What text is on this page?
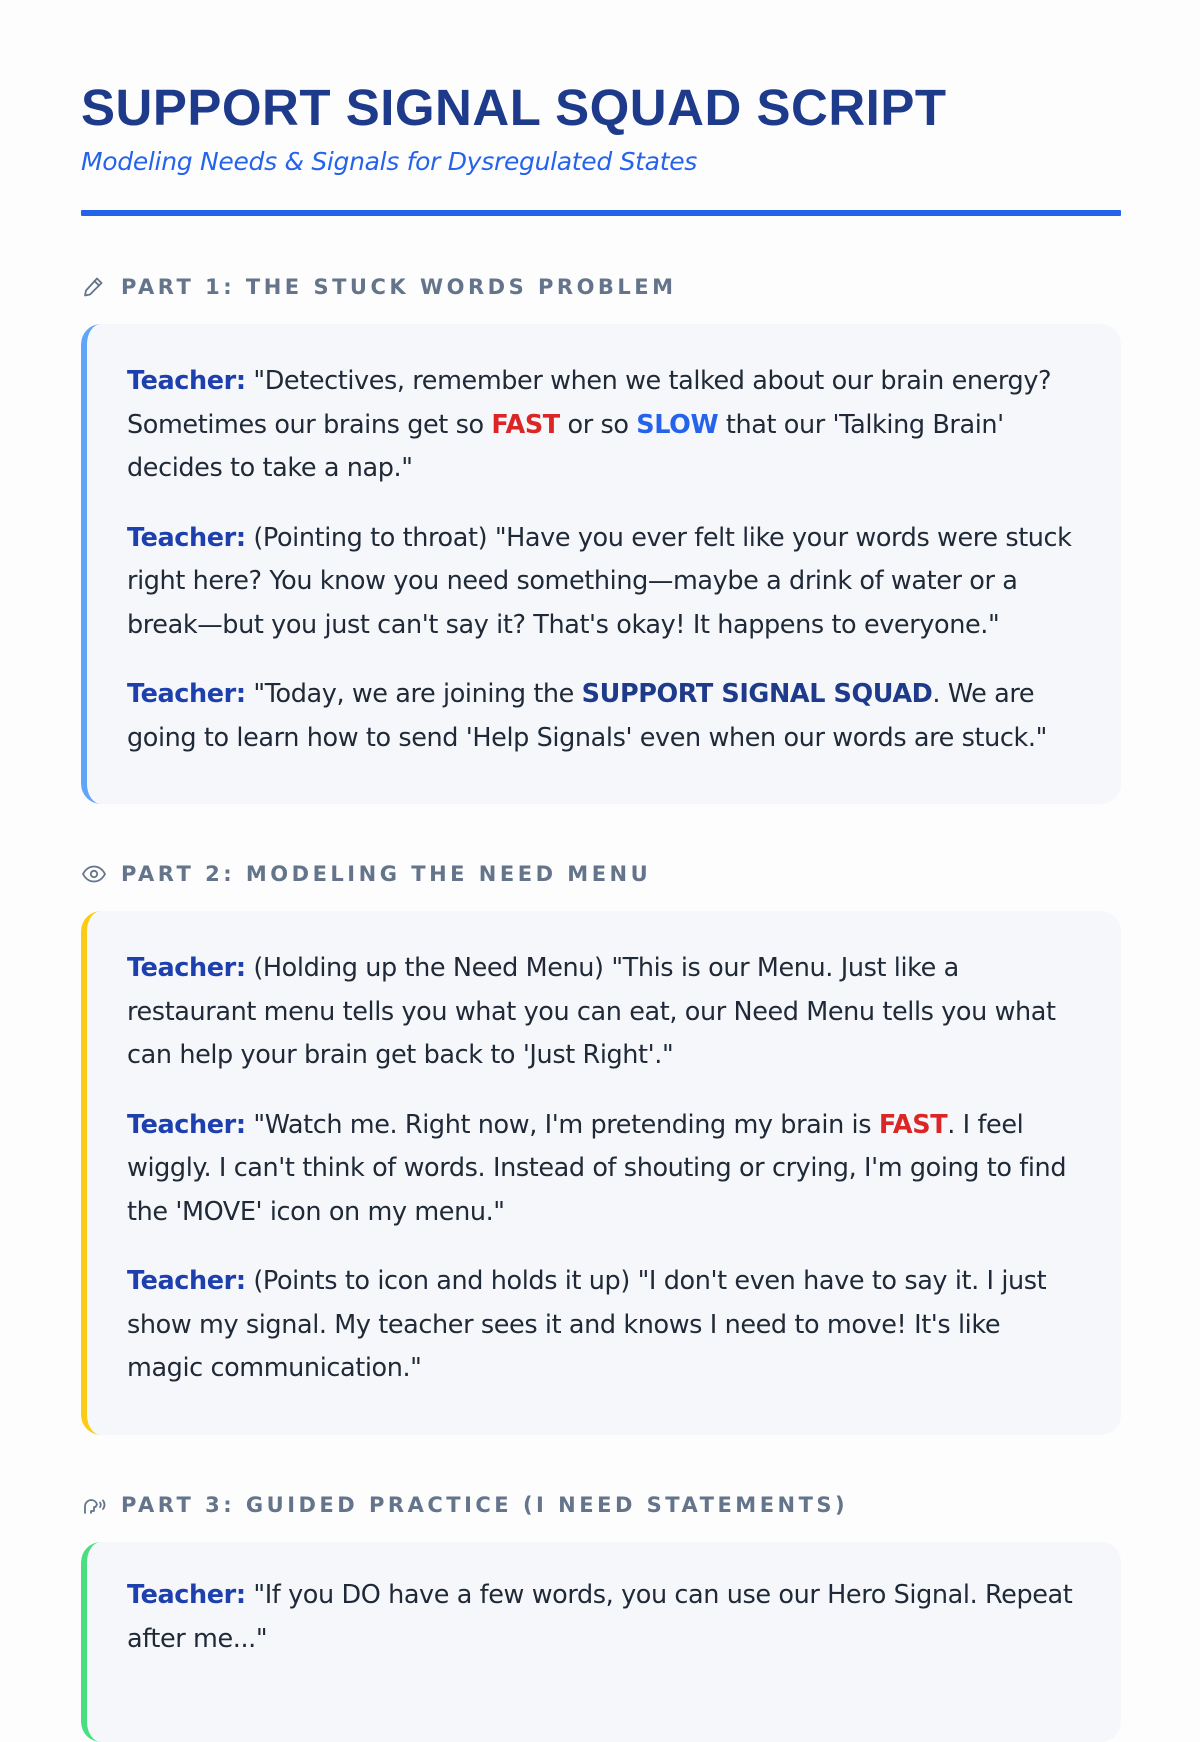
SUPPORT SIGNAL SQUAD SCRIPT
Modeling Needs & Signals for Dysregulated States
PART 1: THE STUCK WORDS PROBLEM

Teacher: "Detectives, remember when we talked about our brain energy? Sometimes our brains get so FAST or so SLOW that our 'Talking Brain' decides to take a nap."

Teacher: (Pointing to throat) "Have you ever felt like your words were stuck right here? You know you need something—maybe a drink of water or a break—but you just can't say it? That's okay! It happens to everyone."

Teacher: "Today, we are joining the SUPPORT SIGNAL SQUAD. We are going to learn how to send 'Help Signals' even when our words are stuck."

PART 2: MODELING THE NEED MENU

Teacher: (Holding up the Need Menu) "This is our Menu. Just like a restaurant menu tells you what you can eat, our Need Menu tells you what can help your brain get back to 'Just Right'."

Teacher: "Watch me. Right now, I'm pretending my brain is FAST. I feel wiggly. I can't think of words. Instead of shouting or crying, I'm going to find the 'MOVE' icon on my menu."

Teacher: (Points to icon and holds it up) "I don't even have to say it. I just show my signal. My teacher sees it and knows I need to move! It's like magic communication."

PART 3: GUIDED PRACTICE (I NEED STATEMENTS)

Teacher: "If you DO have a few words, you can use our Hero Signal. Repeat after me..."
